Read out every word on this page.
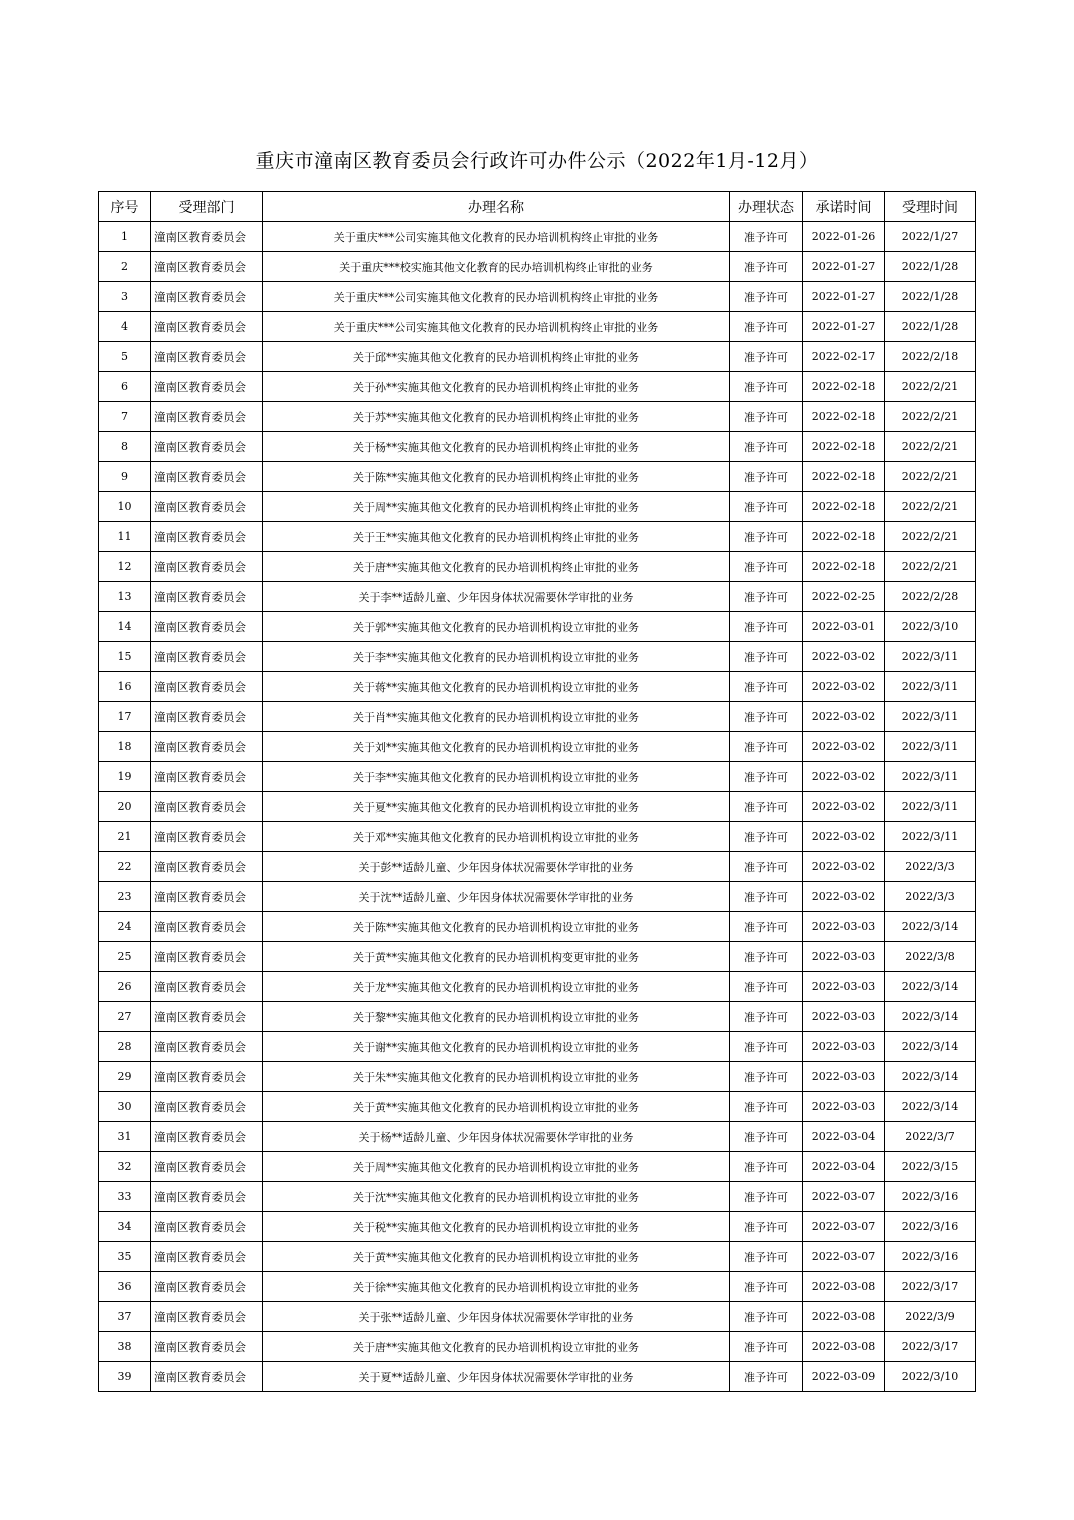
重庆市潼南区教育委员会行政许可办件公示（2022年1月-12月）
序号	受理部门	办理名称	办理状态	承诺时间	受理时间
1	潼南区教育委员会	关于重庆***公司实施其他文化教育的民办培训机构终止审批的业务	准予许可	2022-01-26	2022/1/27
2	潼南区教育委员会	关于重庆***校实施其他文化教育的民办培训机构终止审批的业务	准予许可	2022-01-27	2022/1/28
3	潼南区教育委员会	关于重庆***公司实施其他文化教育的民办培训机构终止审批的业务	准予许可	2022-01-27	2022/1/28
4	潼南区教育委员会	关于重庆***公司实施其他文化教育的民办培训机构终止审批的业务	准予许可	2022-01-27	2022/1/28
5	潼南区教育委员会	关于邱**实施其他文化教育的民办培训机构终止审批的业务	准予许可	2022-02-17	2022/2/18
6	潼南区教育委员会	关于孙**实施其他文化教育的民办培训机构终止审批的业务	准予许可	2022-02-18	2022/2/21
7	潼南区教育委员会	关于苏**实施其他文化教育的民办培训机构终止审批的业务	准予许可	2022-02-18	2022/2/21
8	潼南区教育委员会	关于杨**实施其他文化教育的民办培训机构终止审批的业务	准予许可	2022-02-18	2022/2/21
9	潼南区教育委员会	关于陈**实施其他文化教育的民办培训机构终止审批的业务	准予许可	2022-02-18	2022/2/21
10	潼南区教育委员会	关于周**实施其他文化教育的民办培训机构终止审批的业务	准予许可	2022-02-18	2022/2/21
11	潼南区教育委员会	关于王**实施其他文化教育的民办培训机构终止审批的业务	准予许可	2022-02-18	2022/2/21
12	潼南区教育委员会	关于唐**实施其他文化教育的民办培训机构终止审批的业务	准予许可	2022-02-18	2022/2/21
13	潼南区教育委员会	关于李**适龄儿童、少年因身体状况需要休学审批的业务	准予许可	2022-02-25	2022/2/28
14	潼南区教育委员会	关于郭**实施其他文化教育的民办培训机构设立审批的业务	准予许可	2022-03-01	2022/3/10
15	潼南区教育委员会	关于李**实施其他文化教育的民办培训机构设立审批的业务	准予许可	2022-03-02	2022/3/11
16	潼南区教育委员会	关于蒋**实施其他文化教育的民办培训机构设立审批的业务	准予许可	2022-03-02	2022/3/11
17	潼南区教育委员会	关于肖**实施其他文化教育的民办培训机构设立审批的业务	准予许可	2022-03-02	2022/3/11
18	潼南区教育委员会	关于刘**实施其他文化教育的民办培训机构设立审批的业务	准予许可	2022-03-02	2022/3/11
19	潼南区教育委员会	关于李**实施其他文化教育的民办培训机构设立审批的业务	准予许可	2022-03-02	2022/3/11
20	潼南区教育委员会	关于夏**实施其他文化教育的民办培训机构设立审批的业务	准予许可	2022-03-02	2022/3/11
21	潼南区教育委员会	关于邓**实施其他文化教育的民办培训机构设立审批的业务	准予许可	2022-03-02	2022/3/11
22	潼南区教育委员会	关于彭**适龄儿童、少年因身体状况需要休学审批的业务	准予许可	2022-03-02	2022/3/3
23	潼南区教育委员会	关于沈**适龄儿童、少年因身体状况需要休学审批的业务	准予许可	2022-03-02	2022/3/3
24	潼南区教育委员会	关于陈**实施其他文化教育的民办培训机构设立审批的业务	准予许可	2022-03-03	2022/3/14
25	潼南区教育委员会	关于黄**实施其他文化教育的民办培训机构变更审批的业务	准予许可	2022-03-03	2022/3/8
26	潼南区教育委员会	关于龙**实施其他文化教育的民办培训机构设立审批的业务	准予许可	2022-03-03	2022/3/14
27	潼南区教育委员会	关于黎**实施其他文化教育的民办培训机构设立审批的业务	准予许可	2022-03-03	2022/3/14
28	潼南区教育委员会	关于谢**实施其他文化教育的民办培训机构设立审批的业务	准予许可	2022-03-03	2022/3/14
29	潼南区教育委员会	关于朱**实施其他文化教育的民办培训机构设立审批的业务	准予许可	2022-03-03	2022/3/14
30	潼南区教育委员会	关于黄**实施其他文化教育的民办培训机构设立审批的业务	准予许可	2022-03-03	2022/3/14
31	潼南区教育委员会	关于杨**适龄儿童、少年因身体状况需要休学审批的业务	准予许可	2022-03-04	2022/3/7
32	潼南区教育委员会	关于周**实施其他文化教育的民办培训机构设立审批的业务	准予许可	2022-03-04	2022/3/15
33	潼南区教育委员会	关于沈**实施其他文化教育的民办培训机构设立审批的业务	准予许可	2022-03-07	2022/3/16
34	潼南区教育委员会	关于税**实施其他文化教育的民办培训机构设立审批的业务	准予许可	2022-03-07	2022/3/16
35	潼南区教育委员会	关于黄**实施其他文化教育的民办培训机构设立审批的业务	准予许可	2022-03-07	2022/3/16
36	潼南区教育委员会	关于徐**实施其他文化教育的民办培训机构设立审批的业务	准予许可	2022-03-08	2022/3/17
37	潼南区教育委员会	关于张**适龄儿童、少年因身体状况需要休学审批的业务	准予许可	2022-03-08	2022/3/9
38	潼南区教育委员会	关于唐**实施其他文化教育的民办培训机构设立审批的业务	准予许可	2022-03-08	2022/3/17
39	潼南区教育委员会	关于夏**适龄儿童、少年因身体状况需要休学审批的业务	准予许可	2022-03-09	2022/3/10
